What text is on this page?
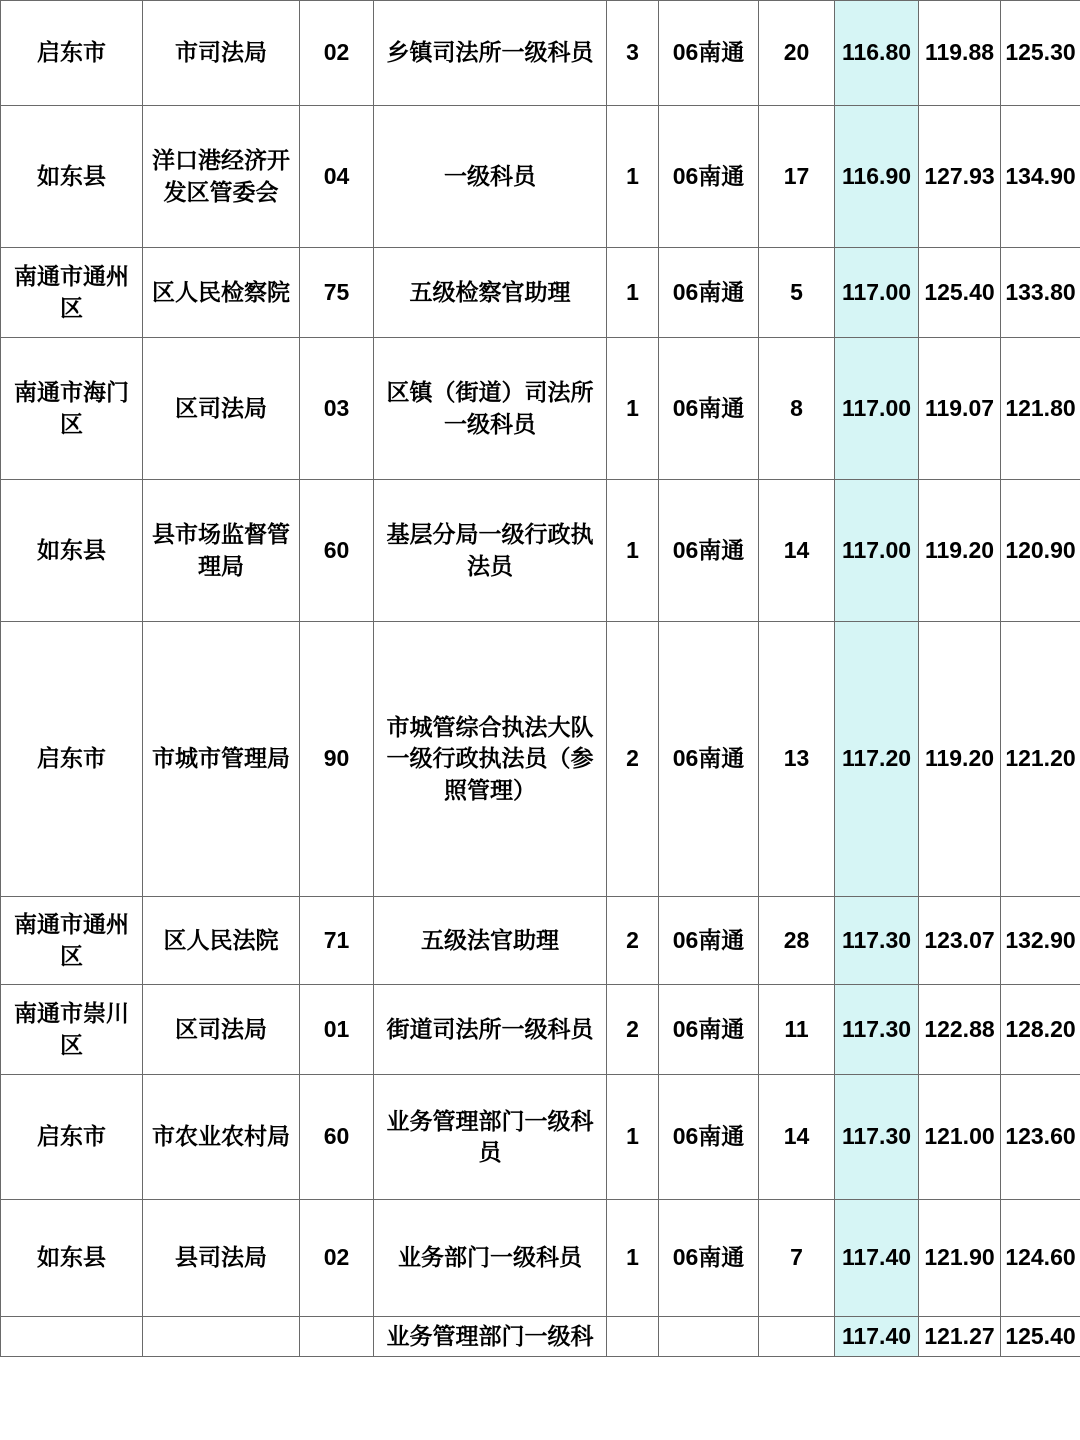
启东市	市司法局	02	乡镇司法所一级科员	3	06南通	20	116.80	119.88	125.30
如东县	洋口港经济开发区管委会	04	一级科员	1	06南通	17	116.90	127.93	134.90
南通市通州区	区人民检察院	75	五级检察官助理	1	06南通	5	117.00	125.40	133.80
南通市海门区	区司法局	03	区镇（街道）司法所一级科员	1	06南通	8	117.00	119.07	121.80
如东县	县市场监督管理局	60	基层分局一级行政执法员	1	06南通	14	117.00	119.20	120.90
启东市	市城市管理局	90	市城管综合执法大队一级行政执法员（参照管理）	2	06南通	13	117.20	119.20	121.20
南通市通州区	区人民法院	71	五级法官助理	2	06南通	28	117.30	123.07	132.90
南通市崇川区	区司法局	01	街道司法所一级科员	2	06南通	11	117.30	122.88	128.20
启东市	市农业农村局	60	业务管理部门一级科员	1	06南通	14	117.30	121.00	123.60
如东县	县司法局	02	业务部门一级科员	1	06南通	7	117.40	121.90	124.60
			业务管理部门一级科				117.40	121.27	125.40
